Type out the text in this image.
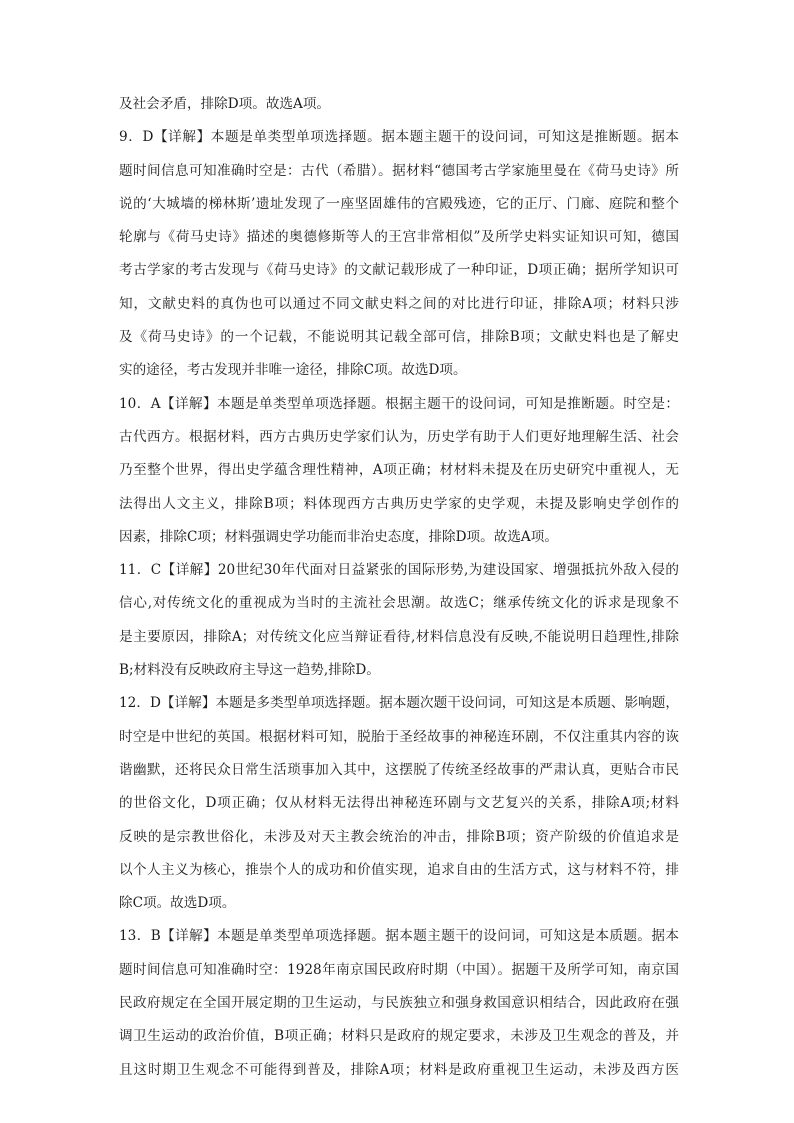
及社会矛盾，排除D项。故选A项。
9．D【详解】本题是单类型单项选择题。据本题主题干的设问词，可知这是推断题。据本
题时间信息可知准确时空是：古代（希腊）。据材料“德国考古学家施里曼在《荷马史诗》所
说的‘大城墙的梯林斯’遗址发现了一座坚固雄伟的宫殿残迹，它的正厅、门廊、庭院和整个
轮廓与《荷马史诗》描述的奥德修斯等人的王宫非常相似”及所学史料实证知识可知，德国
考古学家的考古发现与《荷马史诗》的文献记载形成了一种印证，D项正确；据所学知识可
知，文献史料的真伪也可以通过不同文献史料之间的对比进行印证，排除A项；材料只涉
及《荷马史诗》的一个记载，不能说明其记载全部可信，排除B项；文献史料也是了解史
实的途径，考古发现并非唯一途径，排除C项。故选D项。
10．A【详解】本题是单类型单项选择题。根据主题干的设问词，可知是推断题。时空是：
古代西方。根据材料，西方古典历史学家们认为，历史学有助于人们更好地理解生活、社会
乃至整个世界，得出史学蕴含理性精神，A项正确；材材料未提及在历史研究中重视人，无
法得出人文主义，排除B项；料体现西方古典历史学家的史学观，未提及影响史学创作的
因素，排除C项；材料强调史学功能而非治史态度，排除D项。故选A项。
11．C【详解】20世纪30年代面对日益紧张的国际形势,为建设国家、增强抵抗外敌入侵的
信心,对传统文化的重视成为当时的主流社会思潮。故选C；继承传统文化的诉求是现象不
是主要原因，排除A；对传统文化应当辩证看待,材料信息没有反映,不能说明日趋理性,排除
B;材料没有反映政府主导这一趋势,排除D。
12．D【详解】本题是多类型单项选择题。据本题次题干设问词，可知这是本质题、影响题，
时空是中世纪的英国。根据材料可知，脱胎于圣经故事的神秘连环剧，不仅注重其内容的诙
谐幽默，还将民众日常生活琐事加入其中，这摆脱了传统圣经故事的严肃认真，更贴合市民
的世俗文化，D项正确；仅从材料无法得出神秘连环剧与文艺复兴的关系，排除A项;材料
反映的是宗教世俗化，未涉及对天主教会统治的冲击，排除B项；资产阶级的价值追求是
以个人主义为核心，推崇个人的成功和价值实现，追求自由的生活方式，这与材料不符，排
除C项。故选D项。
13．B【详解】本题是单类型单项选择题。据本题主题干的设问词，可知这是本质题。据本
题时间信息可知准确时空：1928年南京国民政府时期（中国）。据题干及所学可知，南京国
民政府规定在全国开展定期的卫生运动，与民族独立和强身救国意识相结合，因此政府在强
调卫生运动的政治价值，B项正确；材料只是政府的规定要求，未涉及卫生观念的普及，并
且这时期卫生观念不可能得到普及，排除A项；材料是政府重视卫生运动，未涉及西方医
